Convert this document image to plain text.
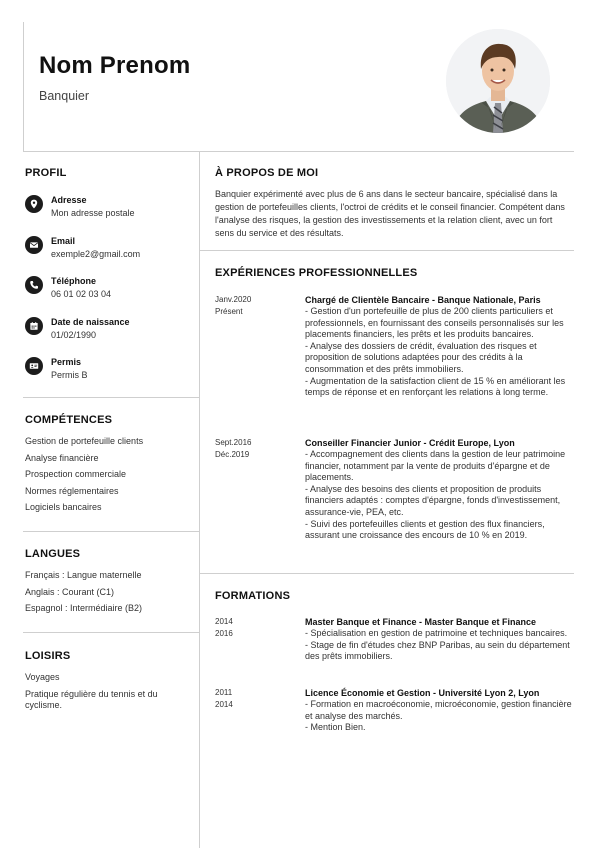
Nom Prenom
Banquier
PROFIL
Adresse
Mon adresse postale
Email
exemple2@gmail.com
Téléphone
06 01 02 03 04
Date de naissance
01/02/1990
Permis
Permis B
COMPÉTENCES
Gestion de portefeuille clients
Analyse financière
Prospection commerciale
Normes réglementaires
Logiciels bancaires
LANGUES
Français : Langue maternelle
Anglais : Courant (C1)
Espagnol : Intermédiaire (B2)
LOISIRS
Voyages
Pratique régulière du tennis et du cyclisme.
À PROPOS DE MOI
Banquier expérimenté avec plus de 6 ans dans le secteur bancaire, spécialisé dans la gestion de portefeuilles clients, l'octroi de crédits et le conseil financier. Compétent dans l'analyse des risques, la gestion des investissements et la relation client, avec un fort sens du service et des résultats.
EXPÉRIENCES PROFESSIONNELLES
Janv.2020
Présent
Chargé de Clientèle Bancaire - Banque Nationale, Paris
- Gestion d'un portefeuille de plus de 200 clients particuliers et professionnels, en fournissant des conseils personnalisés sur les placements financiers, les prêts et les produits bancaires.
- Analyse des dossiers de crédit, évaluation des risques et proposition de solutions adaptées pour des crédits à la consommation et des prêts immobiliers.
- Augmentation de la satisfaction client de 15 % en améliorant les temps de réponse et en renforçant les relations à long terme.
Sept.2016
Déc.2019
Conseiller Financier Junior - Crédit Europe, Lyon
- Accompagnement des clients dans la gestion de leur patrimoine financier, notamment par la vente de produits d'épargne et de placements.
- Analyse des besoins des clients et proposition de produits financiers adaptés : comptes d'épargne, fonds d'investissement, assurance-vie, PEA, etc.
- Suivi des portefeuilles clients et gestion des flux financiers, assurant une croissance des encours de 10 % en 2019.
FORMATIONS
2014
2016
Master Banque et Finance - Master Banque et Finance
- Spécialisation en gestion de patrimoine et techniques bancaires.
- Stage de fin d'études chez BNP Paribas, au sein du département des prêts immobiliers.
2011
2014
Licence Économie et Gestion - Université Lyon 2, Lyon
- Formation en macroéconomie, microéconomie, gestion financière et analyse des marchés.
- Mention Bien.
